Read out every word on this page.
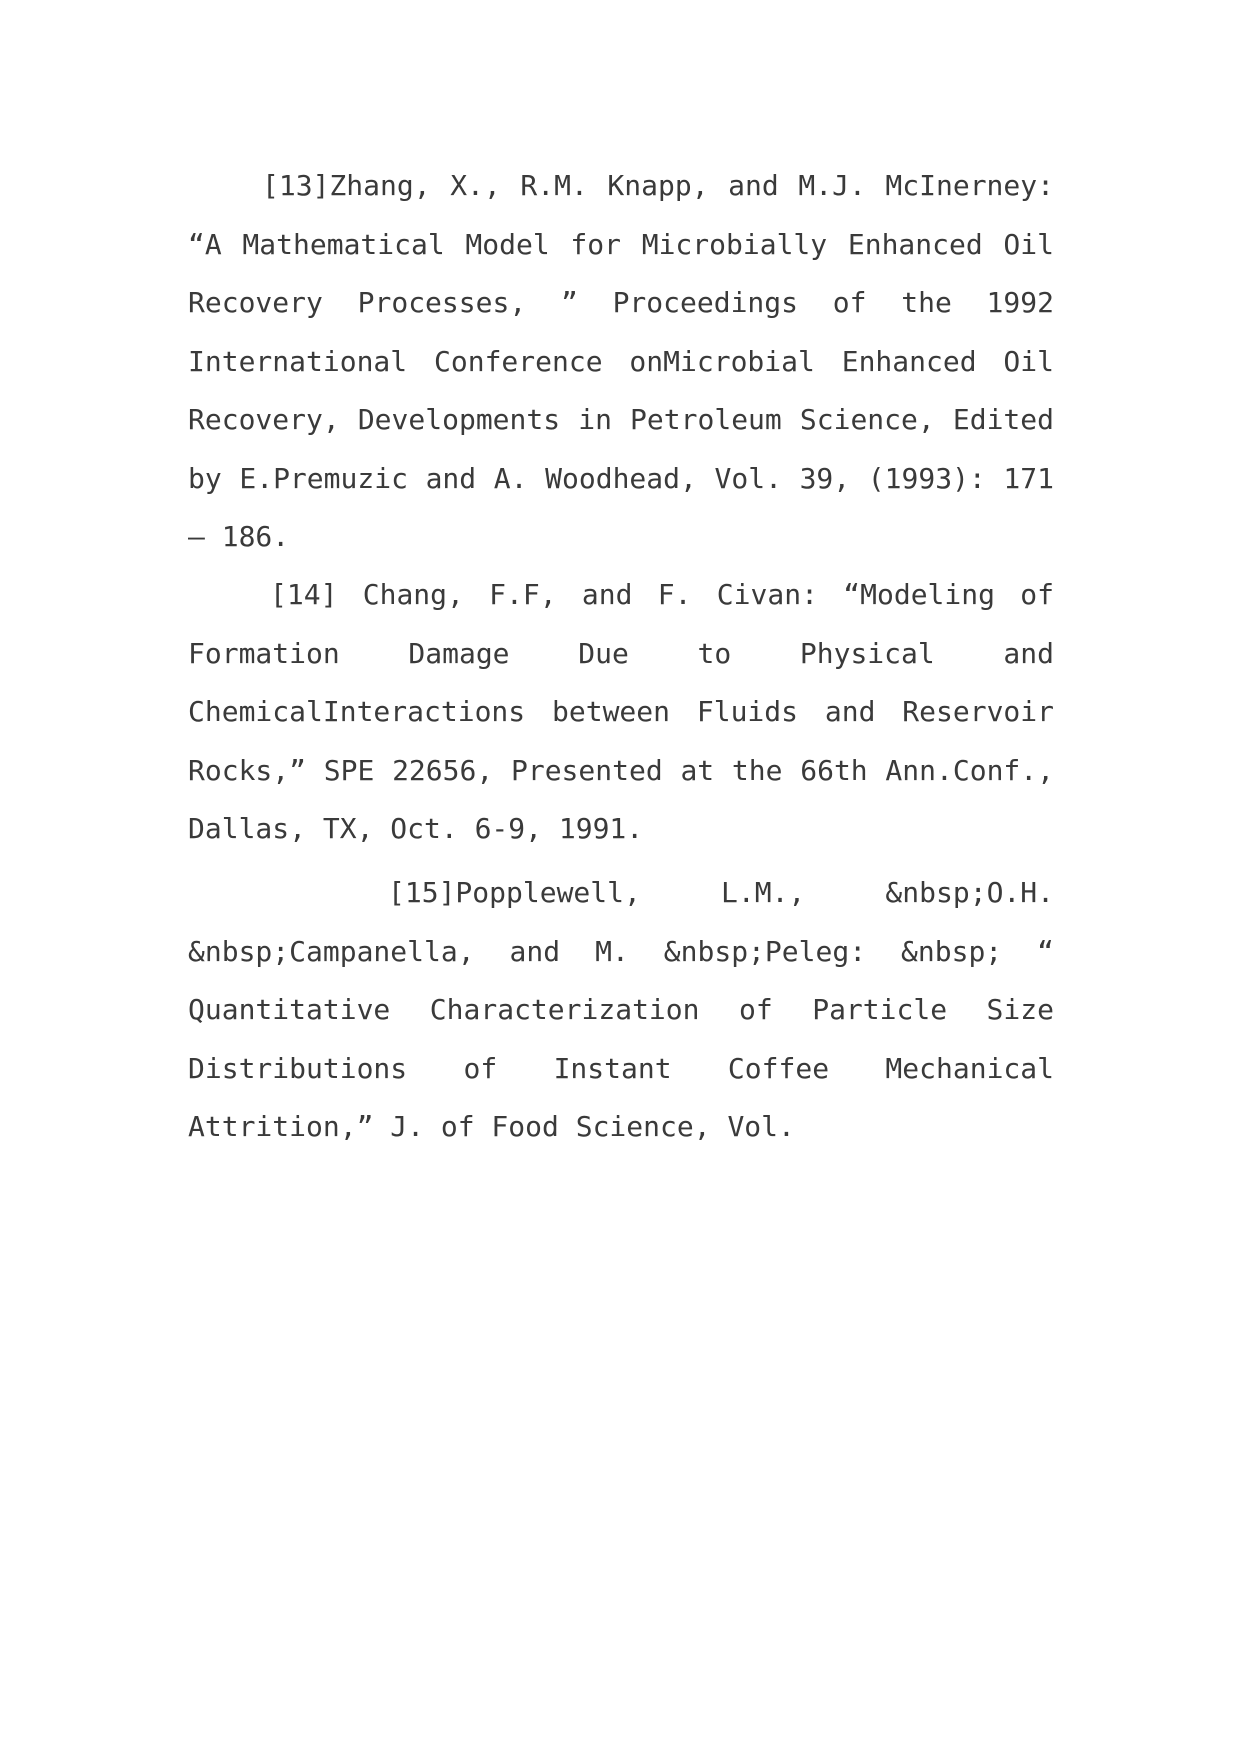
[13]Zhang, X., R.M. Knapp, and M.J. McInerney: “A Mathematical Model for Microbially Enhanced Oil Recovery Processes, ” Proceedings of the 1992 International Conference onMicrobial Enhanced Oil Recovery, Developments in Petroleum Science, Edited by E.Premuzic and A. Woodhead, Vol. 39, (1993): 171 — 186.

[14] Chang, F.F, and F. Civan: “Modeling of Formation Damage Due to Physical and ChemicalInteractions between Fluids and Reservoir Rocks,” SPE 22656, Presented at the 66th Ann.Conf., Dallas, TX, Oct. 6-9, 1991.

[15]Popplewell, L.M., &nbsp;O.H. &nbsp;Campanella, and M. &nbsp;Peleg: &nbsp; “ Quantitative Characterization of Particle Size Distributions of Instant Coffee Mechanical Attrition,” J. of Food Science, Vol.
